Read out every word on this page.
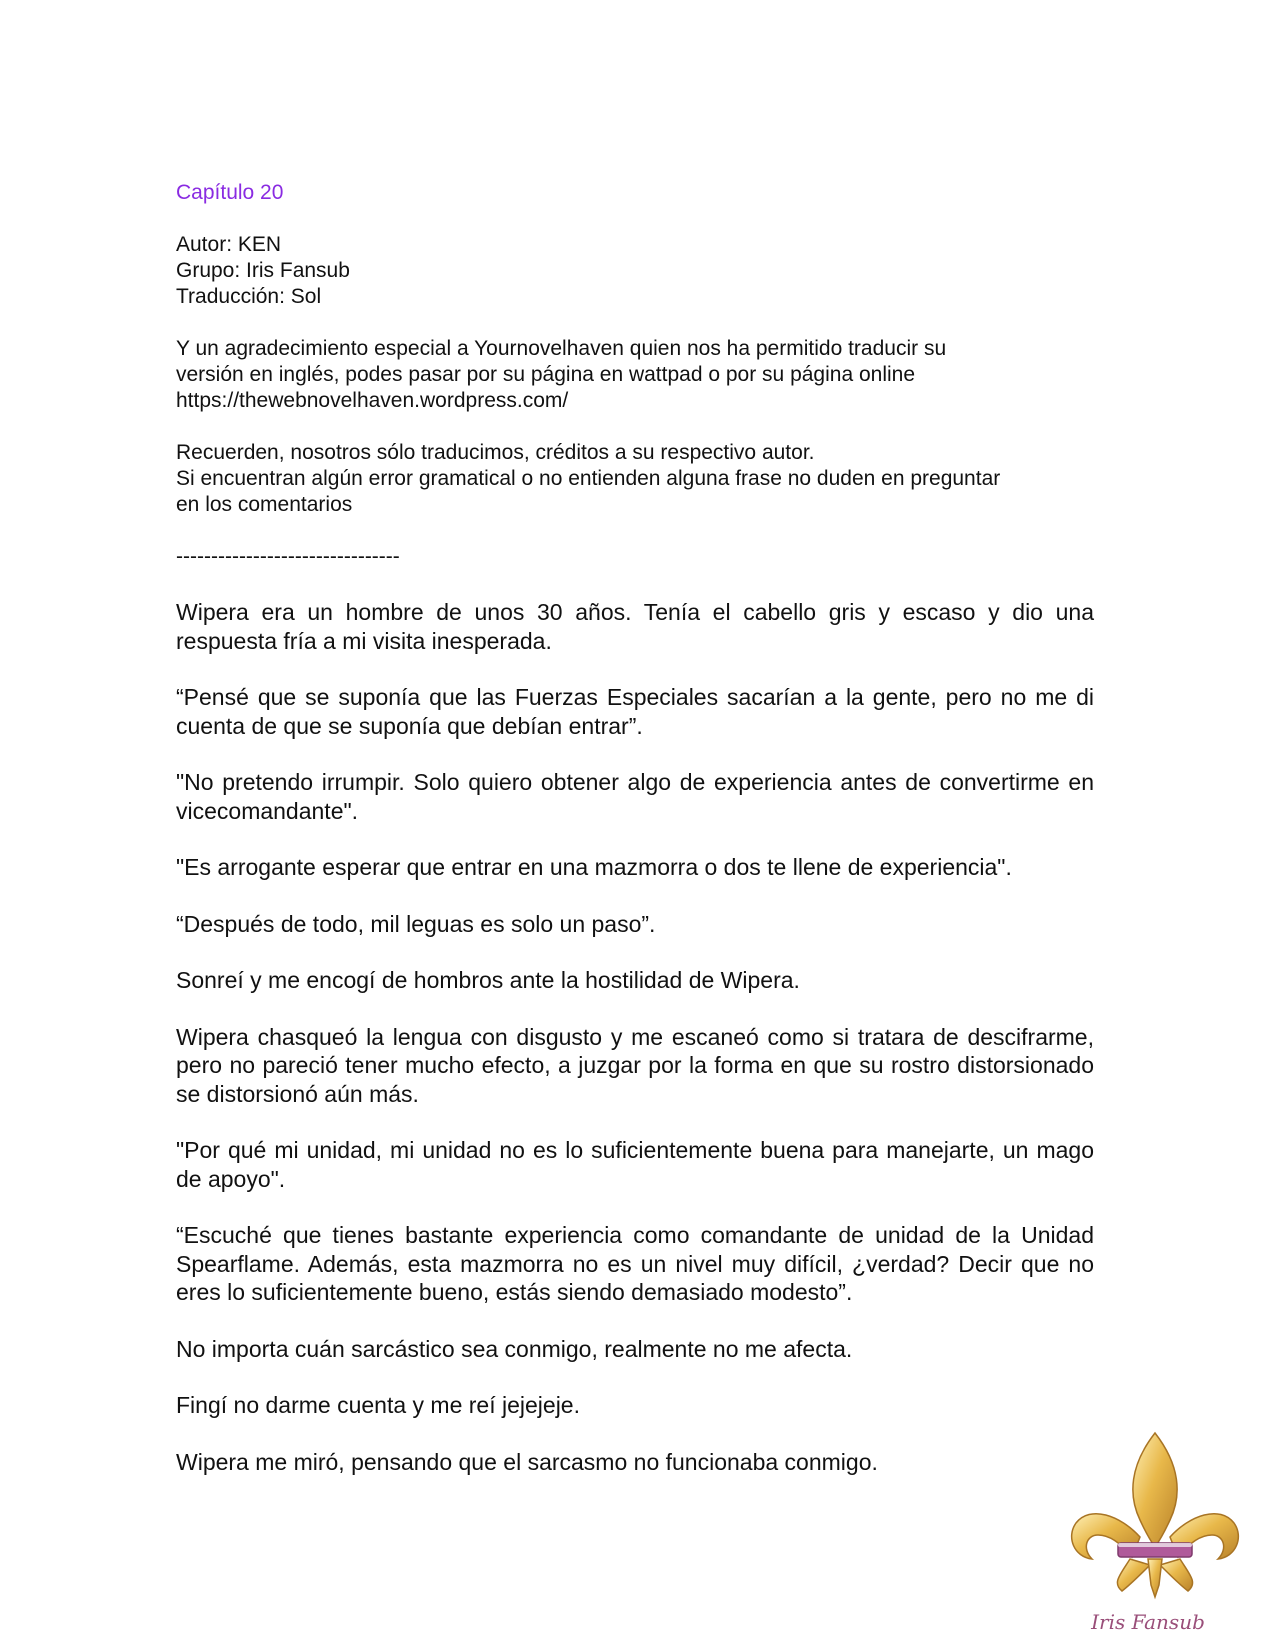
Capítulo 20

Autor: KEN

Grupo: Iris Fansub

Traducción: Sol

Y un agradecimiento especial a Yournovelhaven quien nos ha permitido traducir su

versión en inglés, podes pasar por su página en wattpad o por su página online

https://thewebnovelhaven.wordpress.com/

Recuerden, nosotros sólo traducimos, créditos a su respectivo autor.

Si encuentran algún error gramatical o no entienden alguna frase no duden en preguntar

en los comentarios

--------------------------------

Wipera era un hombre de unos 30 años. Tenía el cabello gris y escaso y dio una respuesta fría a mi visita inesperada.

“Pensé que se suponía que las Fuerzas Especiales sacarían a la gente, pero no me di cuenta de que se suponía que debían entrar”.

"No pretendo irrumpir. Solo quiero obtener algo de experiencia antes de convertirme en vicecomandante".

"Es arrogante esperar que entrar en una mazmorra o dos te llene de experiencia".

“Después de todo, mil leguas es solo un paso”.

Sonreí y me encogí de hombros ante la hostilidad de Wipera.

Wipera chasqueó la lengua con disgusto y me escaneó como si tratara de descifrarme, pero no pareció tener mucho efecto, a juzgar por la forma en que su rostro distorsionado se distorsionó aún más.

"Por qué mi unidad, mi unidad no es lo suficientemente buena para manejarte, un mago de apoyo".

“Escuché que tienes bastante experiencia como comandante de unidad de la Unidad Spearflame. Además, esta mazmorra no es un nivel muy difícil, ¿verdad? Decir que no eres lo suficientemente bueno, estás siendo demasiado modesto”.

No importa cuán sarcástico sea conmigo, realmente no me afecta.

Fingí no darme cuenta y me reí jejejeje.

Wipera me miró, pensando que el sarcasmo no funcionaba conmigo.

Iris Fansub
